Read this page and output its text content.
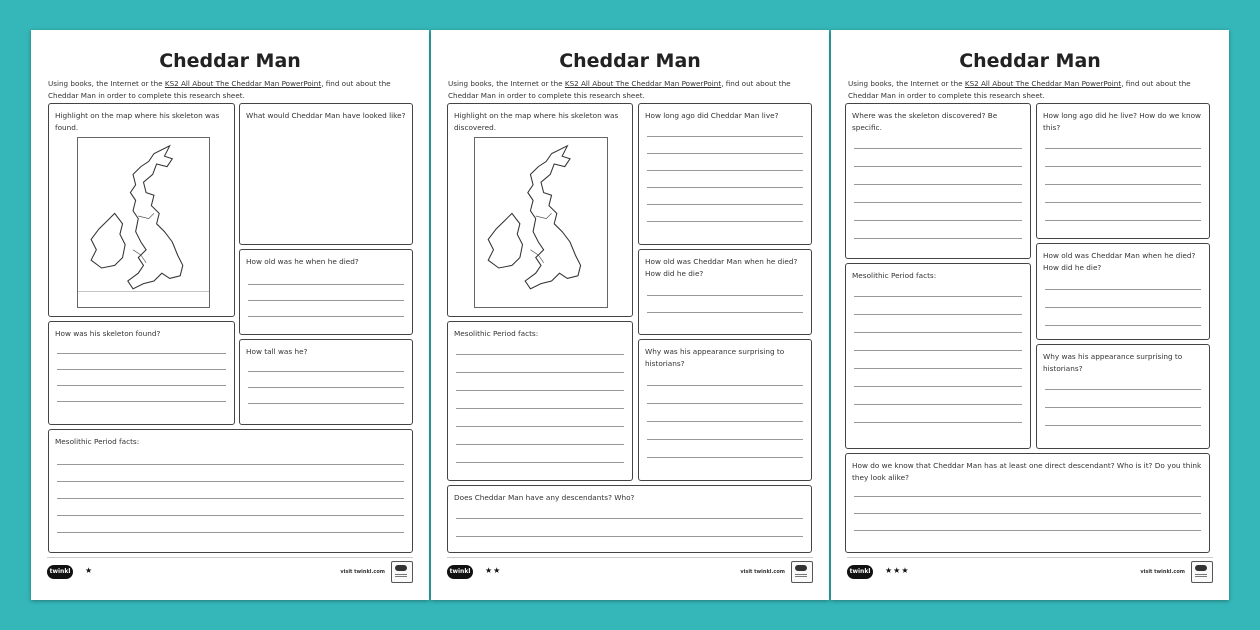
Cheddar Man
Using books, the Internet or the KS2 All About The Cheddar Man PowerPoint, find out about the Cheddar Man in order to complete this research sheet.
Highlight on the map where his skeleton was found.
What would Cheddar Man have looked like?
How old was he when he died?
How was his skeleton found?
How tall was he?
Mesolithic Period facts:
twinkl	★	visit twinkl.com
Cheddar Man
Using books, the Internet or the KS2 All About The Cheddar Man PowerPoint, find out about the Cheddar Man in order to complete this research sheet.
Highlight on the map where his skeleton was discovered.
How long ago did Cheddar Man live?
How old was Cheddar Man when he died? How did he die?
Mesolithic Period facts:
Why was his appearance surprising to historians?
Does Cheddar Man have any descendants? Who?
twinkl	★★	visit twinkl.com
Cheddar Man
Using books, the Internet or the KS2 All About The Cheddar Man PowerPoint, find out about the Cheddar Man in order to complete this research sheet.
Where was the skeleton discovered? Be specific.
How long ago did he live? How do we know this?
How old was Cheddar Man when he died? How did he die?
Mesolithic Period facts:
Why was his appearance surprising to historians?
How do we know that Cheddar Man has at least one direct descendant? Who is it? Do you think they look alike?
twinkl	★★★	visit twinkl.com
